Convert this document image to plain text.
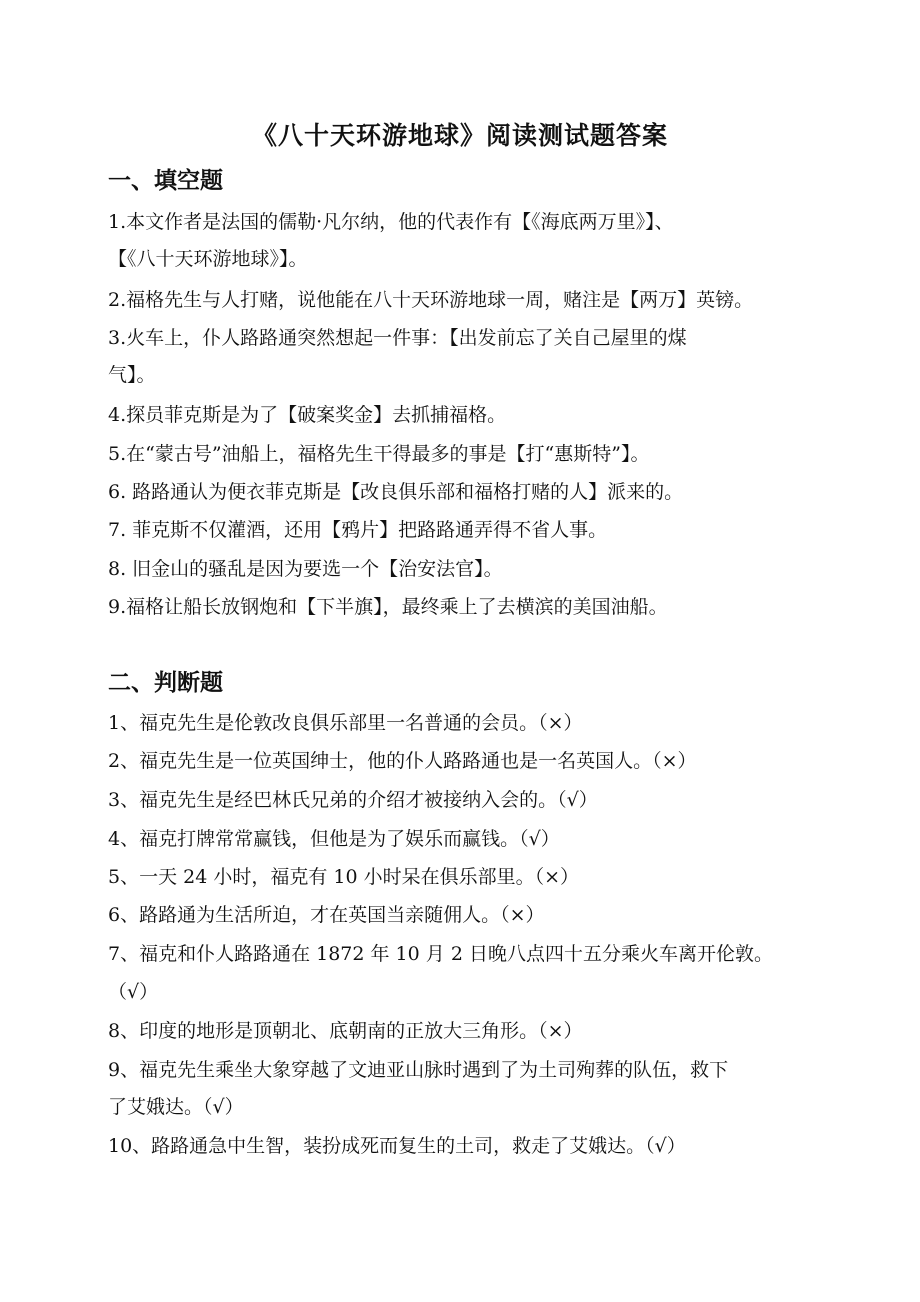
《八十天环游地球》阅读测试题答案
一、填空题
1.本文作者是法国的儒勒·凡尔纳，他的代表作有【《海底两万里》】、
【《八十天环游地球》】。
2.福格先生与人打赌，说他能在八十天环游地球一周，赌注是【两万】英镑。
3.火车上，仆人路路通突然想起一件事：【出发前忘了关自己屋里的煤
气】。
4.探员菲克斯是为了【破案奖金】去抓捕福格。
5.在“蒙古号”油船上，福格先生干得最多的事是【打“惠斯特”】。
6. 路路通认为便衣菲克斯是【改良俱乐部和福格打赌的人】派来的。
7. 菲克斯不仅灌酒，还用【鸦片】把路路通弄得不省人事。
8. 旧金山的骚乱是因为要选一个【治安法官】。
9.福格让船长放钢炮和【下半旗】，最终乘上了去横滨的美国油船。
二、判断题
1、福克先生是伦敦改良俱乐部里一名普通的会员。（×）
2、福克先生是一位英国绅士，他的仆人路路通也是一名英国人。（×）
3、福克先生是经巴林氏兄弟的介绍才被接纳入会的。（√）
4、福克打牌常常赢钱，但他是为了娱乐而赢钱。（√）
5、一天 24 小时，福克有 10 小时呆在俱乐部里。（×）
6、路路通为生活所迫，才在英国当亲随佣人。（×）
7、福克和仆人路路通在 1872 年 10 月 2 日晚八点四十五分乘火车离开伦敦。
（√）
8、印度的地形是顶朝北、底朝南的正放大三角形。（×）
9、福克先生乘坐大象穿越了文迪亚山脉时遇到了为土司殉葬的队伍，救下
了艾娥达。（√）
10、路路通急中生智，装扮成死而复生的土司，救走了艾娥达。（√）
